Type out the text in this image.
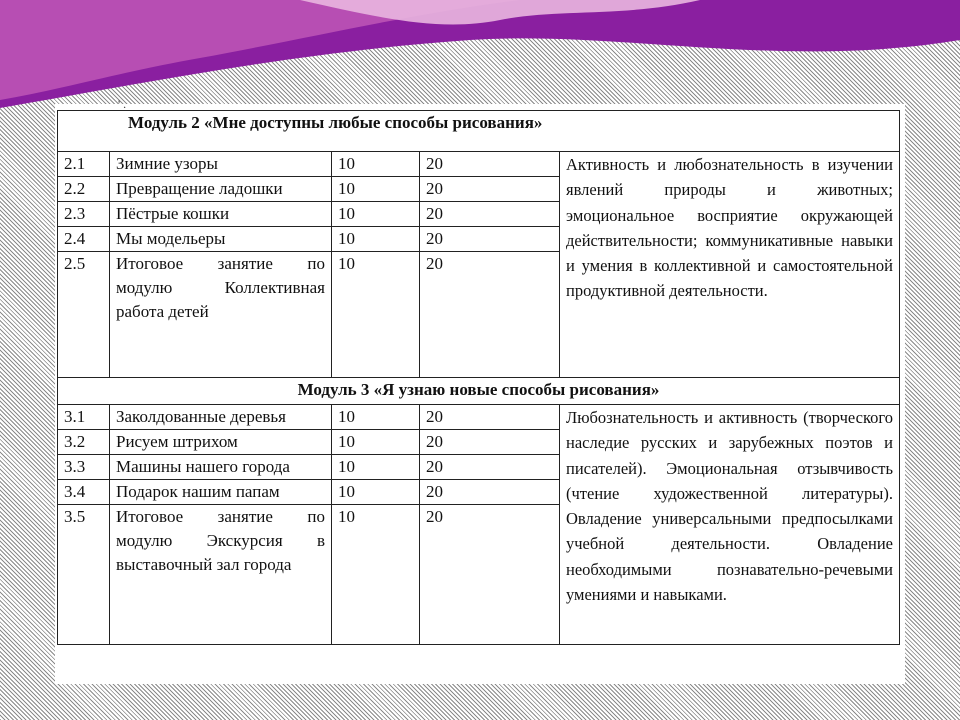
' .
Модуль 2 «Мне доступны любые способы рисования»				
2.1	Зимние узоры	10	20	Активность и любознательность в изучении явлений природы и животных; эмоциональное восприятие окружающей действительности; коммуникативные навыки и умения в коллективной и самостоятельной продуктивной деятельности.
2.2	Превращение ладошки	10	20	
2.3	Пёстрые кошки	10	20	
2.4	Мы модельеры	10	20	
2.5	Итоговое занятие по модулю Коллективная работа детей	10	20	
Модуль 3 «Я узнаю новые способы рисования»				
3.1	Заколдованные деревья	10	20	Любознательность и активность (творческого наследие русских и зарубежных поэтов и писателей). Эмоциональная отзывчивость (чтение художественной литературы). Овладение универсальными предпосылками учебной деятельности. Овладение необходимыми познавательно-речевыми умениями и навыками.
3.2	Рисуем штрихом	10	20	
3.3	Машины нашего города	10	20	
3.4	Подарок нашим папам	10	20	
3.5	Итоговое занятие по модулю Экскурсия в выставочный зал города	10	20	
